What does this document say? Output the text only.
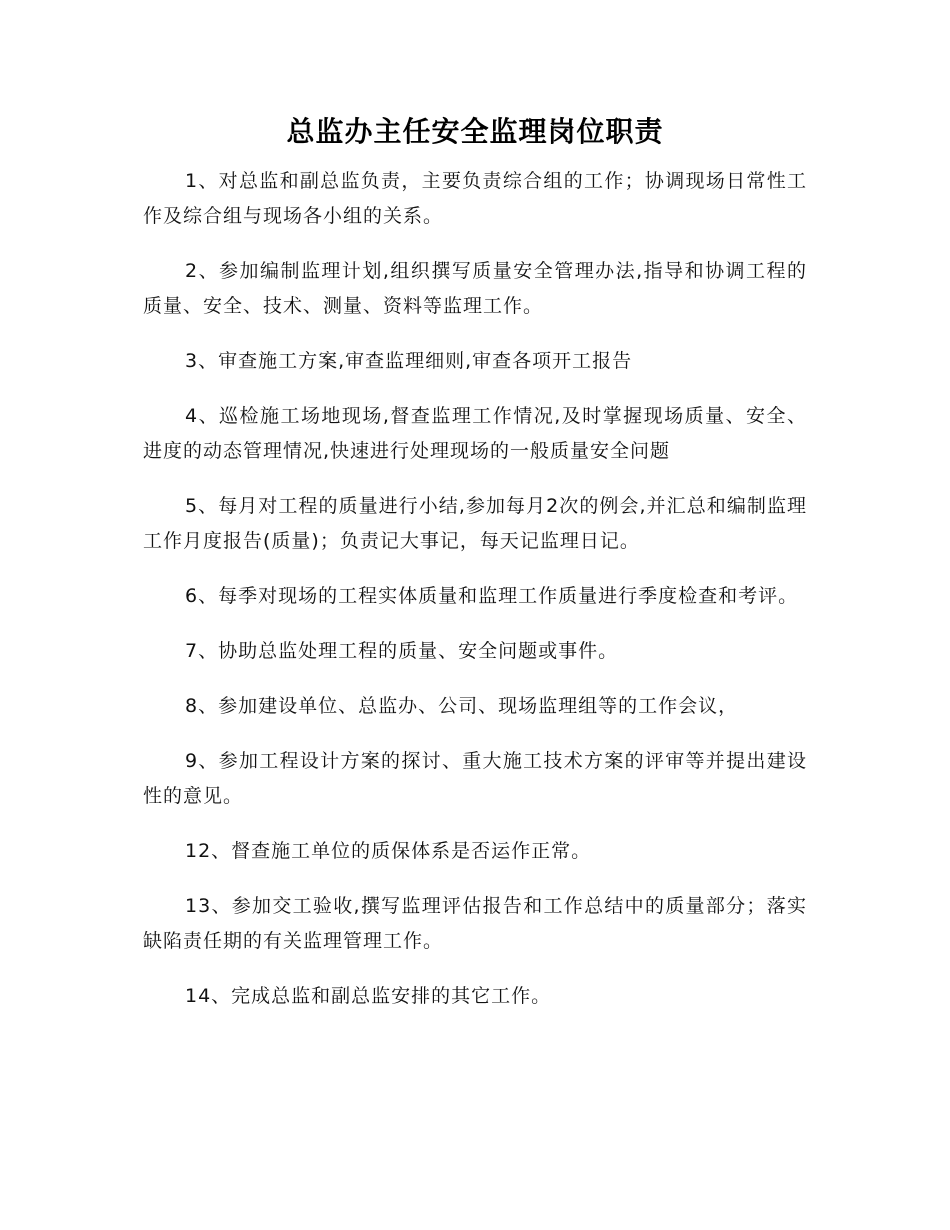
总监办主任安全监理岗位职责

1、对总监和副总监负责，主要负责综合组的工作；协调现场日常性工作及综合组与现场各小组的关系。

2、参加编制监理计划,组织撰写质量安全管理办法,指导和协调工程的质量、安全、技术、测量、资料等监理工作。

3、审查施工方案,审查监理细则,审查各项开工报告

4、巡检施工场地现场,督查监理工作情况,及时掌握现场质量、安全、进度的动态管理情况,快速进行处理现场的一般质量安全问题

5、每月对工程的质量进行小结,参加每月2次的例会,并汇总和编制监理工作月度报告(质量)；负责记大事记，每天记监理日记。

6、每季对现场的工程实体质量和监理工作质量进行季度检查和考评。

7、协助总监处理工程的质量、安全问题或事件。

8、参加建设单位、总监办、公司、现场监理组等的工作会议，

9、参加工程设计方案的探讨、重大施工技术方案的评审等并提出建设性的意见。

12、督查施工单位的质保体系是否运作正常。

13、参加交工验收,撰写监理评估报告和工作总结中的质量部分；落实缺陷责任期的有关监理管理工作。

14、完成总监和副总监安排的其它工作。
